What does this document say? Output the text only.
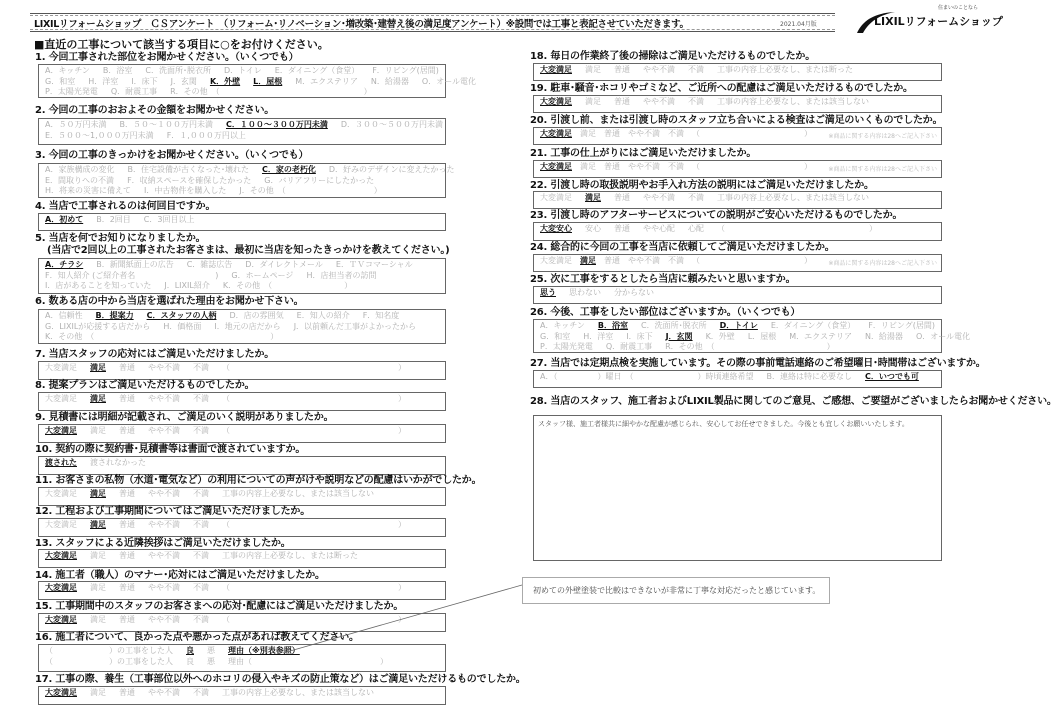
LIXILリフォームショップ　ＣＳアンケート　（リフォーム･リノベーション･増改築･建替え後の満足度アンケート）※設問では工事と表記させていただきます。	2021.04月版
住まいのことなら
LIXILリフォームショップ
■直近の工事について該当する項目に○をお付けください。
1. 今回工事された部位をお聞かせください。（いくつでも）
A．キッチン B．浴室 C．洗面所･脱衣所 D．トイレ E．ダイニング（食堂） F．リビング(居間)
G．和室 H．洋室 I．床下 J．玄関 K．外壁 L．屋根 M．エクステリア N．給湯器 O．オール電化
P．太陽光発電 Q．耐震工事 R．その他　（　　　　　　　　　　　　　　　　　　）
2. 今回の工事のおおよその金額をお聞かせください。
A．５０万円未満 B．５０～１００万円未満 C．１００～３００万円未満 D．３００～５００万円未満
E．５００～1,０００万円未満 F．１,０００万円以上
3. 今回の工事のきっかけをお聞かせください。（いくつでも）
A．家族構成の変化 B．住宅設備が古くなった･壊れた C．家の老朽化 D．好みのデザインに変えたかった
E．間取りへの不満 F．収納スペースを確保したかった G．バリアフリーにしたかった
H．将来の災害に備えて I．中古物件を購入した J．その他　（　　　　　　　　　　　）
4. 当店で工事されるのは何回目ですか。
A．初めて B．2回目 C．3回目以上
5. 当店を何でお知りになりましたか。
(当店で2回以上の工事されたお客さまは、最初に当店を知ったきっかけを教えてください。)
A．チラシ B．新聞紙面上の広告 C．雑誌広告 D．ダイレクトメール E．ＴＶコマーシャル
F．知人紹介 (ご紹介者名　　　　　　　　　　) G．ホームページ H．店担当者の訪問
I．店があることを知っていた J．LIXIL紹介 K．その他　（　　　　　　　　　）
6. 数ある店の中から当店を選ばれた理由をお聞かせ下さい。
A．信頼性 B．提案力 C．スタッフの人柄 D．店の雰囲気 E．知人の紹介 F．知名度
G．LIXILが応援する店だから H．価格面 I．地元の店だから J．以前頼んだ工事がよかったから
K．その他　（　　　　　　　　　　　　　　　　　　　　　　）
7. 当店スタッフの応対にはご満足いただけましたか。
大変満足 満足 普通 やや不満 不満 （　　　　　　　　　　　　　　　　　　　　　）
8. 提案プランはご満足いただけるものでしたか。
大変満足 満足 普通 やや不満 不満 （　　　　　　　　　　　　　　　　　　　　　）
9. 見積書には明細が記載され、ご満足のいく説明がありましたか。
大変満足 満足 普通 やや不満 不満 （　　　　　　　　　　　　　　　　　　　　　）
10. 契約の際に契約書･見積書等は書面で渡されていますか。
渡された 渡されなかった
11. お客さまの私物（水道･電気など）の利用についての声がけや説明などの配慮はいかがでしたか。
大変満足 満足 普通 やや不満 不満 工事の内容上必要なし、または該当しない
12. 工程および工事期間についてはご満足いただけましたか。
大変満足 満足 普通 やや不満 不満 （　　　　　　　　　　　　　　　　　　　　　）
13. スタッフによる近隣挨拶はご満足いただけましたか。
大変満足 満足 普通 やや不満 不満 工事の内容上必要なし、または断った
14. 施工者（職人）のマナー･応対にはご満足いただけましたか。
大変満足 満足 普通 やや不満 不満 （　　　　　　　　　　　　　　　　　　　　　）
15. 工事期間中のスタッフのお客さまへの応対･配慮にはご満足いただけましたか。
大変満足 満足 普通 やや不満 不満 （　　　　　　　　　　　　　　　　　　　　　）
16. 施工者について、良かった点や悪かった点があれば教えてください。
（　　　　　　　）の工事をした人 良 悪 理由（※別表参照）
（　　　　　　　）の工事をした人 良 悪 理由（　　　　　　　　　　　　　　　　）
17. 工事の際、養生（工事部位以外へのホコリの侵入やキズの防止策など）はご満足いただけるものでしたか。
大変満足 満足 普通 やや不満 不満 工事の内容上必要なし、または該当しない
18. 毎日の作業終了後の掃除はご満足いただけるものでしたか。
大変満足 満足 普通 やや不満 不満 工事の内容上必要なし、または断った
19. 駐車･騒音･ホコリやゴミなど、ご近所への配慮はご満足いただけるものでしたか。
大変満足 満足 普通 やや不満 不満 工事の内容上必要なし、または該当しない
20. 引渡し前、または引渡し時のスタッフ立ち合いによる検査はご満足のいくものでしたか。
大変満足 満足 普通 やや不満 不満 （　　　　　　　　　　　　　）	※商品に関する内容は28へご記入下さい
21. 工事の仕上がりにはご満足いただけましたか。
大変満足 満足 普通 やや不満 不満 （　　　　　　　　　　　　　）	※商品に関する内容は28へご記入下さい
22. 引渡し時の取扱説明やお手入れ方法の説明にはご満足いただけましたか。
大変満足 満足 普通 やや不満 不満 工事の内容上必要なし、または該当しない
23. 引渡し時のアフターサービスについての説明がご安心いただけるものでしたか。
大変安心 安心 普通 やや心配 心配 （　　　　　　　　　　　　　　　　　　）
24. 総合的に今回の工事を当店に依頼してご満足いただけましたか。
大変満足 満足 普通 やや不満 不満 （　　　　　　　　　　　　　）	※商品に関する内容は28へご記入下さい
25. 次に工事をするとしたら当店に頼みたいと思いますか。
思う 思わない 分からない
26. 今後、工事をしたい部位はございますか。（いくつでも）
A．キッチン B．浴室 C．洗面所･脱衣所 D．トイレ E．ダイニング（食堂） F．リビング(居間)
G．和室 H．洋室 I．床下 J．玄関 K．外壁 L．屋根 M．エクステリア N．給湯器 O．オール電化
P．太陽光発電 Q．耐震工事 R．その他　（　　　　　　　　　　　　　　）
27. 当店では定期点検を実施しています。その際の事前電話連絡のご希望曜日･時間帯はございますか。
A．（　　　　　）曜日　（　　　　　　　　）時頃連絡希望 B．連絡は特に必要なし C．いつでも可
28. 当店のスタッフ、施工者およびLIXIL製品に関してのご意見、ご感想、ご要望がございましたらお聞かせください。
スタッフ様、施工者様共に細やかな配慮が感じられ、安心してお任せできました。今後とも宜しくお願いいたします。
初めての外壁塗装で比較はできないが非常に丁寧な対応だったと感じています。
